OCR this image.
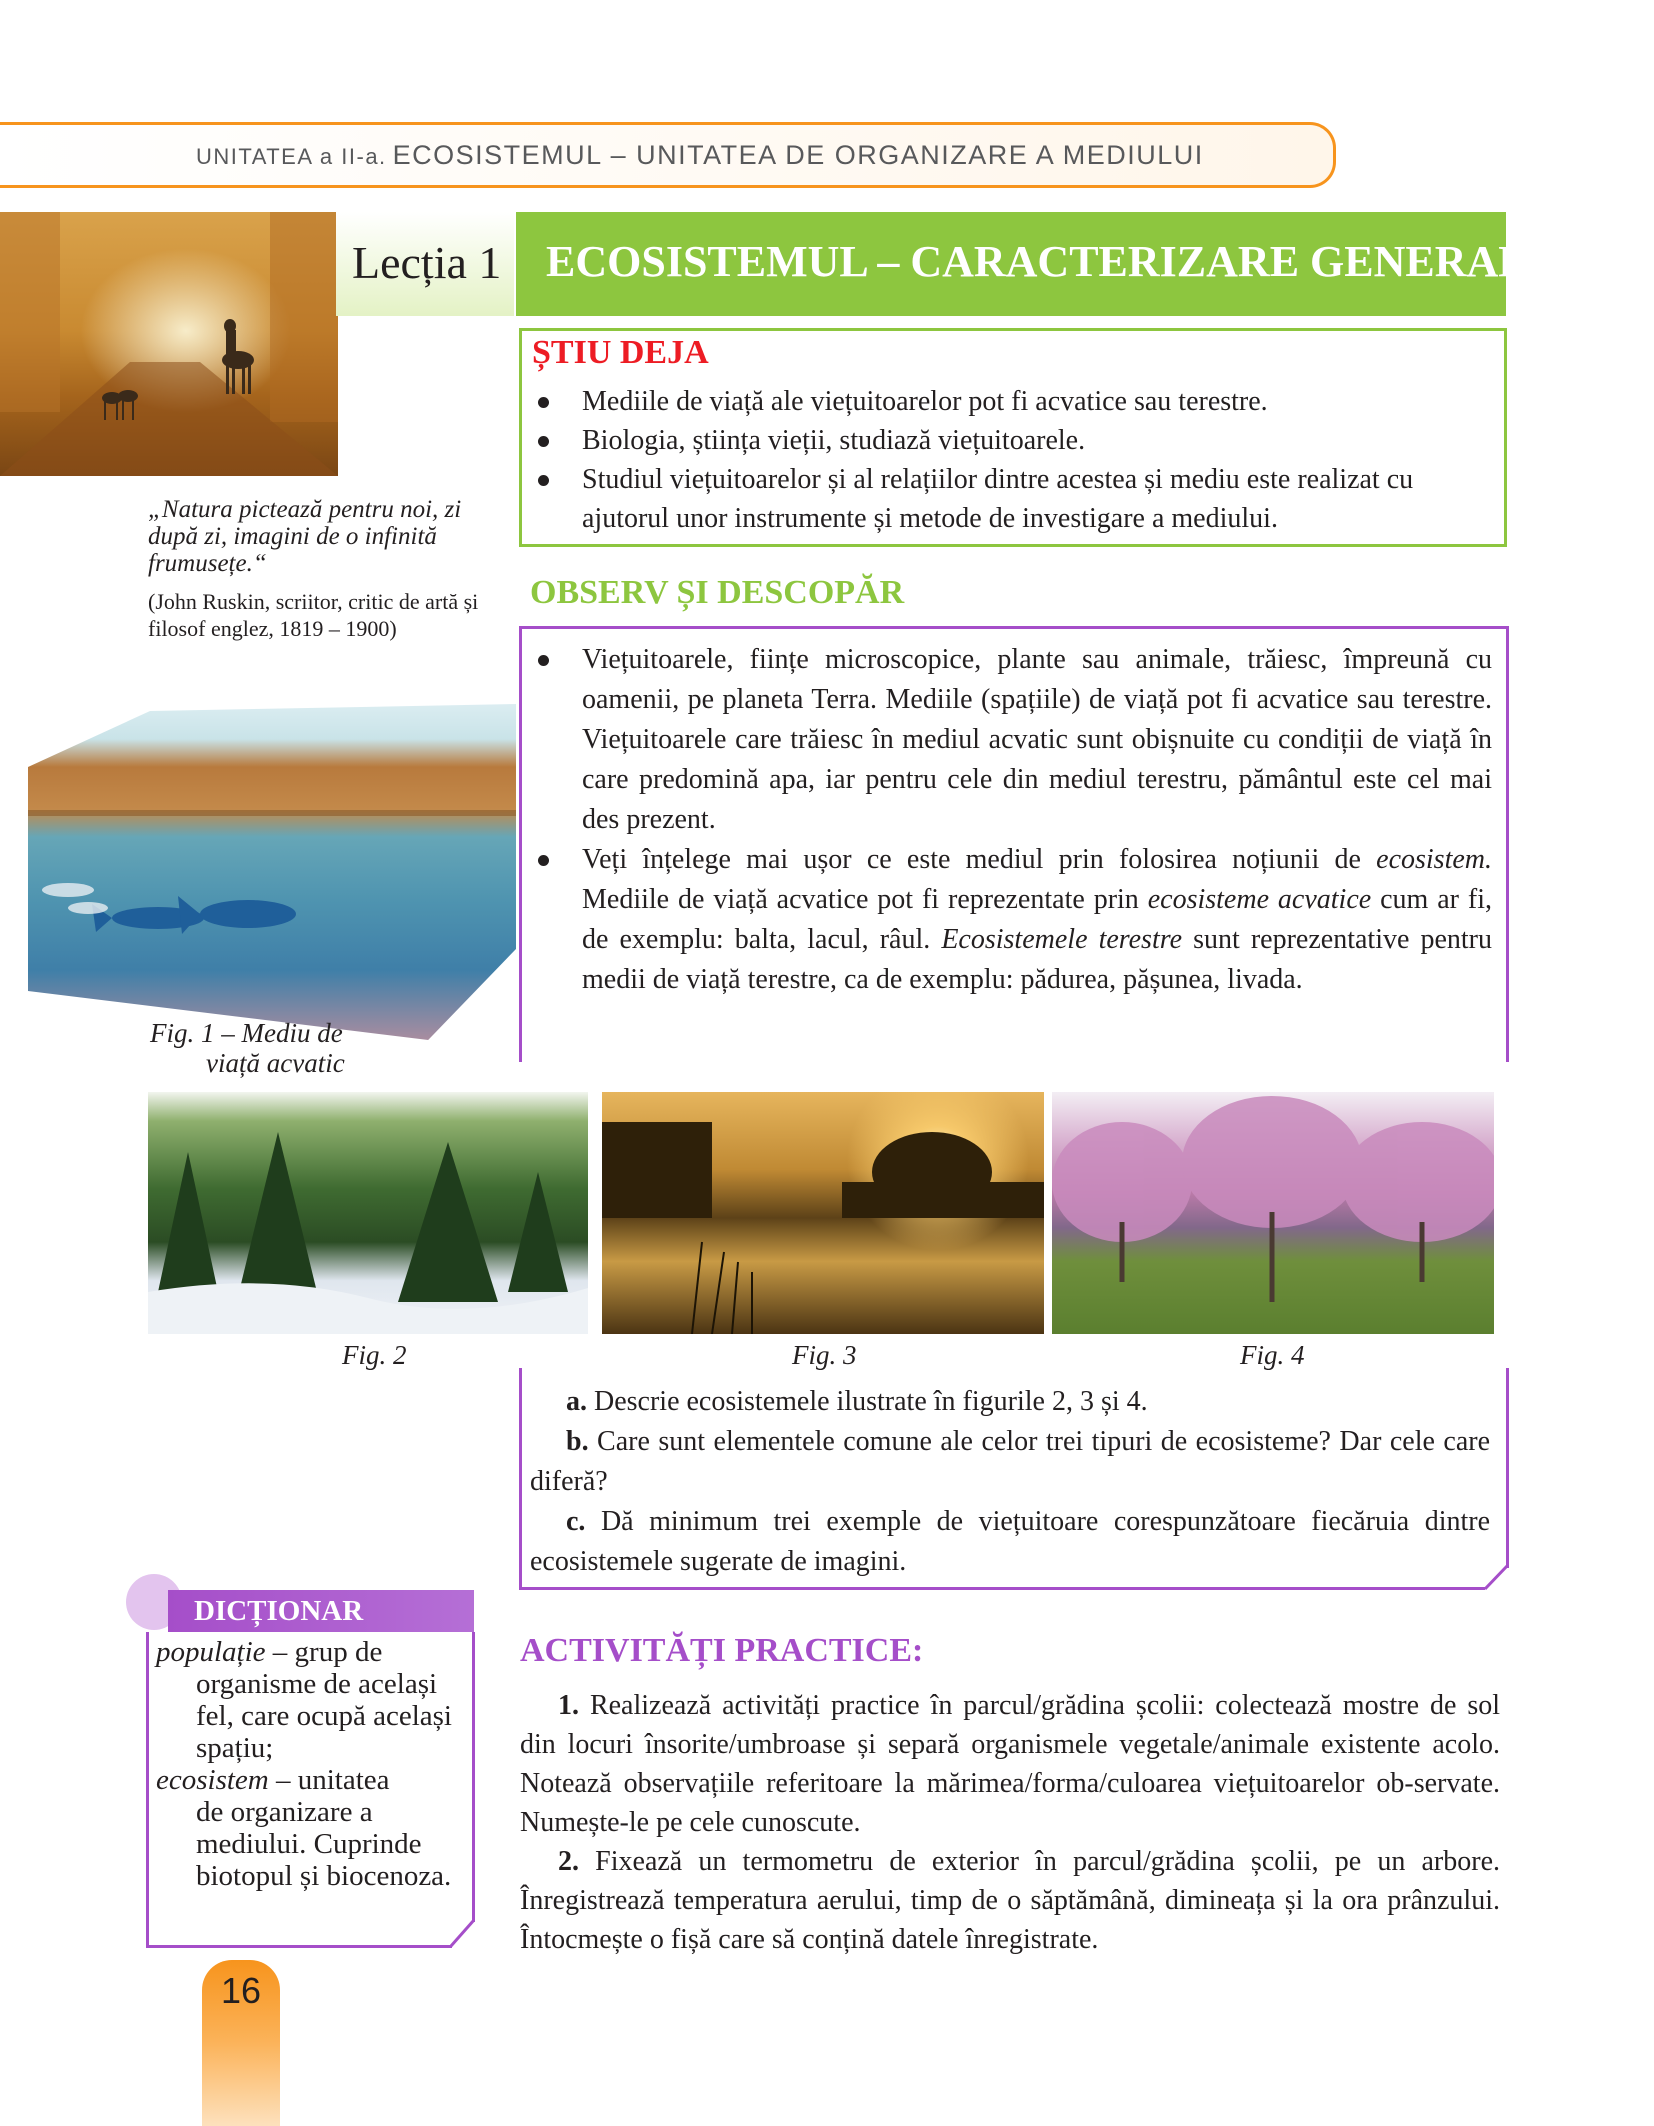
UNITATEA a II-a. ECOSISTEMUL – UNITATEA DE ORGANIZARE A MEDIULUI
Lecția 1 ECOSISTEMUL – CARACTERIZARE GENERALĂ
„Natura pictează pentru noi, zi după zi, imagini de o infinită frumusețe.“
(John Ruskin, scriitor, critic de artă și filosof englez, 1819 – 1900)
Fig. 1 – Mediu de
viață acvatic
ȘTIU DEJA
Mediile de viață ale viețuitoarelor pot fi acvatice sau terestre.
Biologia, știința vieții, studiază viețuitoarele.
Studiul viețuitoarelor și al relațiilor dintre acestea și mediu este realizat cu ajutorul unor instrumente și metode de investigare a mediului.
OBSERV ȘI DESCOPĂR
Viețuitoarele, ființe microscopice, plante sau animale, trăiesc, împreună cu oamenii, pe planeta Terra. Mediile (spațiile) de viață pot fi acvatice sau terestre. Viețuitoarele care trăiesc în mediul acvatic sunt obișnuite cu condiții de viață în care predomină apa, iar pentru cele din mediul terestru, pământul este cel mai des prezent.
Veți înțelege mai ușor ce este mediul prin folosirea noțiunii de ecosistem. Mediile de viață acvatice pot fi reprezentate prin ecosisteme acvatice cum ar fi, de exemplu: balta, lacul, râul. Ecosistemele terestre sunt reprezentative pentru medii de viață terestre, ca de exemplu: pădurea, pășunea, livada.
Fig. 2	Fig. 3	Fig. 4

a. Descrie ecosistemele ilustrate în figurile 2, 3 și 4.

b. Care sunt elementele comune ale celor trei tipuri de ecosisteme? Dar cele care diferă?

c. Dă minimum trei exemple de viețuitoare corespunzătoare fiecăruia dintre ecosistemele sugerate de imagini.

DICȚIONAR
populație – grup de
organisme de același fel, care ocupă același spațiu;
ecosistem – unitatea
de organizare a mediului. Cuprinde biotopul și biocenoza.
ACTIVITĂȚI PRACTICE:

1. Realizează activități practice în parcul/grădina școlii: colectează mostre de sol din locuri însorite/umbroase și separă organismele vegetale/animale existente acolo. Notează observațiile referitoare la mărimea/forma/culoarea viețuitoarelor ob-servate. Numește-le pe cele cunoscute.

2. Fixează un termometru de exterior în parcul/grădina școlii, pe un arbore. Înregistrează temperatura aerului, timp de o săptămână, dimineața și la ora prânzului. Întocmește o fișă care să conțină datele înregistrate.

16
